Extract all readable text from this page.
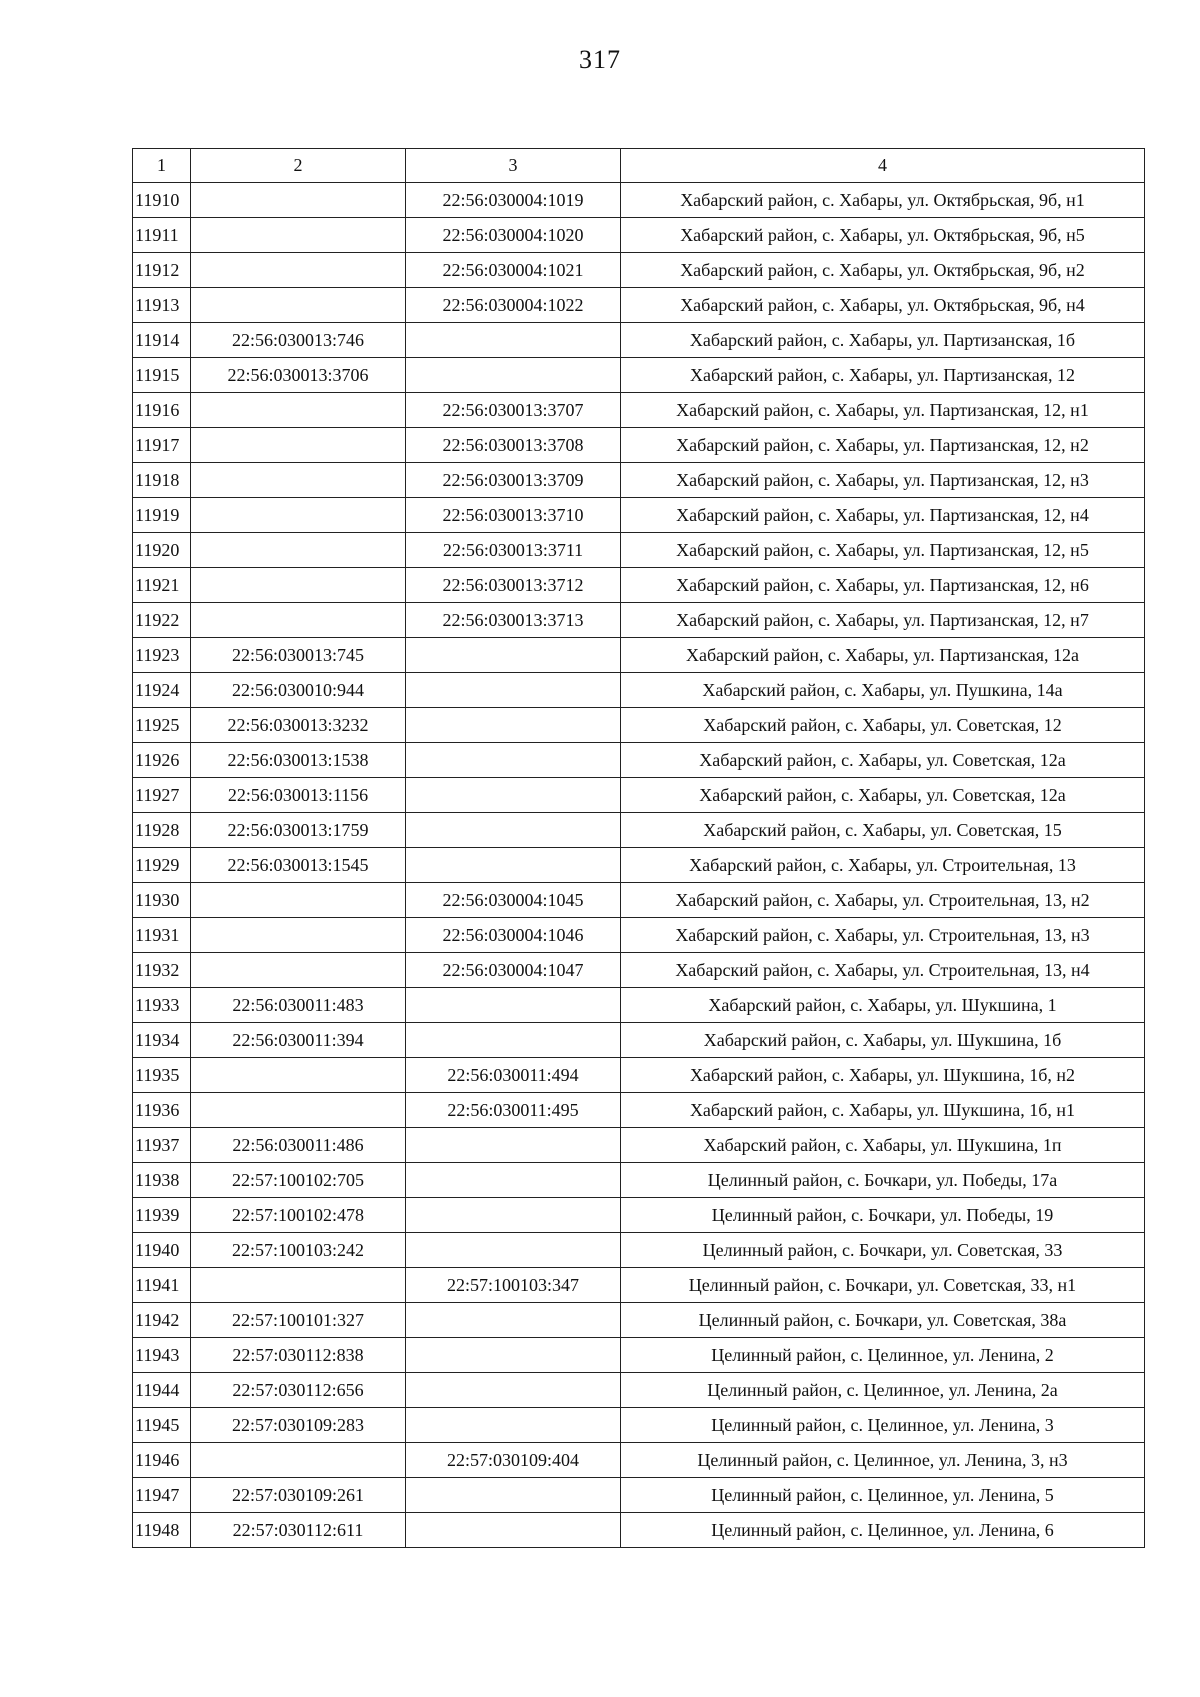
317
1	2	3	4
11910		22:56:030004:1019	Хабарский район, с. Хабары, ул. Октябрьская, 9б, н1
11911		22:56:030004:1020	Хабарский район, с. Хабары, ул. Октябрьская, 9б, н5
11912		22:56:030004:1021	Хабарский район, с. Хабары, ул. Октябрьская, 9б, н2
11913		22:56:030004:1022	Хабарский район, с. Хабары, ул. Октябрьская, 9б, н4
11914	22:56:030013:746		Хабарский район, с. Хабары, ул. Партизанская, 1б
11915	22:56:030013:3706		Хабарский район, с. Хабары, ул. Партизанская, 12
11916		22:56:030013:3707	Хабарский район, с. Хабары, ул. Партизанская, 12, н1
11917		22:56:030013:3708	Хабарский район, с. Хабары, ул. Партизанская, 12, н2
11918		22:56:030013:3709	Хабарский район, с. Хабары, ул. Партизанская, 12, н3
11919		22:56:030013:3710	Хабарский район, с. Хабары, ул. Партизанская, 12, н4
11920		22:56:030013:3711	Хабарский район, с. Хабары, ул. Партизанская, 12, н5
11921		22:56:030013:3712	Хабарский район, с. Хабары, ул. Партизанская, 12, н6
11922		22:56:030013:3713	Хабарский район, с. Хабары, ул. Партизанская, 12, н7
11923	22:56:030013:745		Хабарский район, с. Хабары, ул. Партизанская, 12а
11924	22:56:030010:944		Хабарский район, с. Хабары, ул. Пушкина, 14а
11925	22:56:030013:3232		Хабарский район, с. Хабары, ул. Советская, 12
11926	22:56:030013:1538		Хабарский район, с. Хабары, ул. Советская, 12а
11927	22:56:030013:1156		Хабарский район, с. Хабары, ул. Советская, 12а
11928	22:56:030013:1759		Хабарский район, с. Хабары, ул. Советская, 15
11929	22:56:030013:1545		Хабарский район, с. Хабары, ул. Строительная, 13
11930		22:56:030004:1045	Хабарский район, с. Хабары, ул. Строительная, 13, н2
11931		22:56:030004:1046	Хабарский район, с. Хабары, ул. Строительная, 13, н3
11932		22:56:030004:1047	Хабарский район, с. Хабары, ул. Строительная, 13, н4
11933	22:56:030011:483		Хабарский район, с. Хабары, ул. Шукшина, 1
11934	22:56:030011:394		Хабарский район, с. Хабары, ул. Шукшина, 1б
11935		22:56:030011:494	Хабарский район, с. Хабары, ул. Шукшина, 1б, н2
11936		22:56:030011:495	Хабарский район, с. Хабары, ул. Шукшина, 1б, н1
11937	22:56:030011:486		Хабарский район, с. Хабары, ул. Шукшина, 1п
11938	22:57:100102:705		Целинный район, с. Бочкари, ул. Победы, 17а
11939	22:57:100102:478		Целинный район, с. Бочкари, ул. Победы, 19
11940	22:57:100103:242		Целинный район, с. Бочкари, ул. Советская, 33
11941		22:57:100103:347	Целинный район, с. Бочкари, ул. Советская, 33, н1
11942	22:57:100101:327		Целинный район, с. Бочкари, ул. Советская, 38а
11943	22:57:030112:838		Целинный район, с. Целинное, ул. Ленина, 2
11944	22:57:030112:656		Целинный район, с. Целинное, ул. Ленина, 2а
11945	22:57:030109:283		Целинный район, с. Целинное, ул. Ленина, 3
11946		22:57:030109:404	Целинный район, с. Целинное, ул. Ленина, 3, н3
11947	22:57:030109:261		Целинный район, с. Целинное, ул. Ленина, 5
11948	22:57:030112:611		Целинный район, с. Целинное, ул. Ленина, 6
